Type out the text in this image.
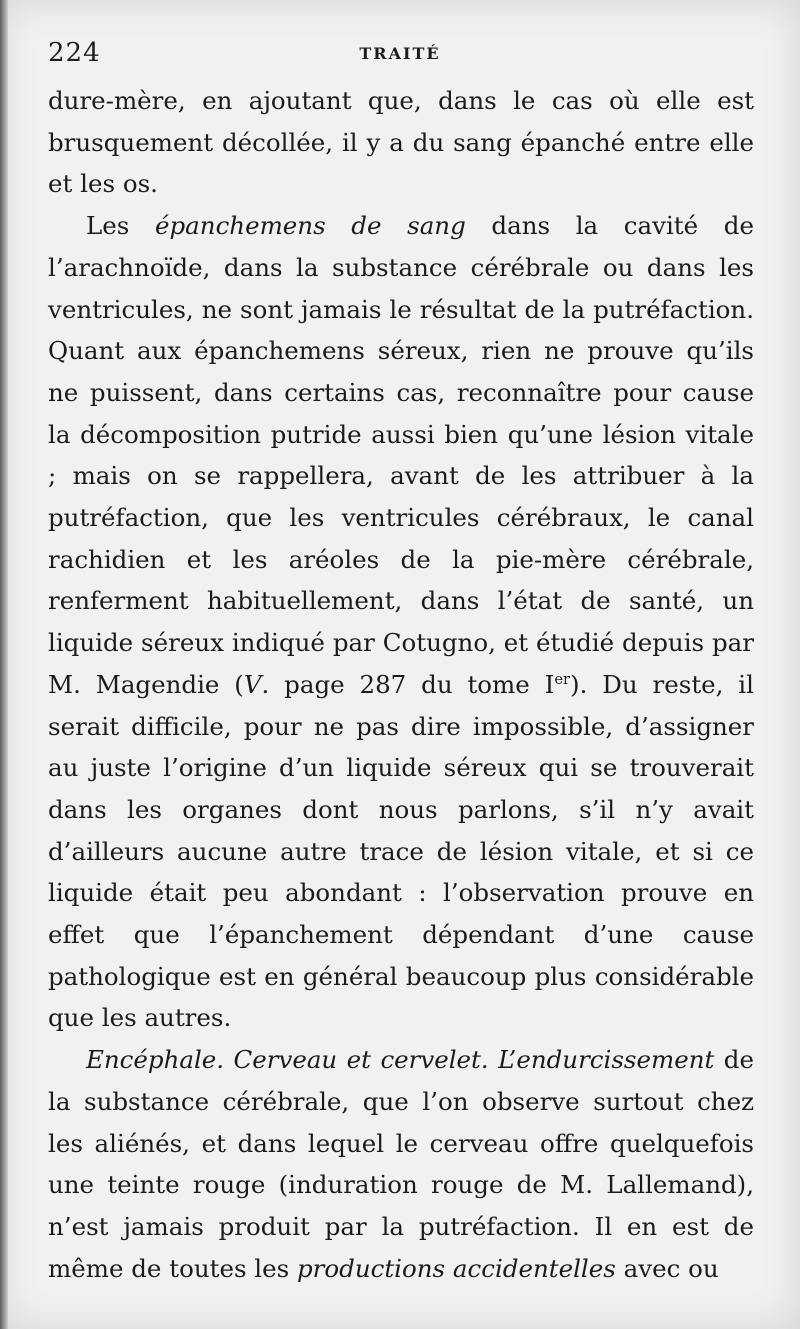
224	TRAITÉ

dure-mère, en ajoutant que, dans le cas où elle est brusquement décollée, il y a du sang épanché entre elle et les os.

Les épanchemens de sang dans la cavité de l’arachnoïde, dans la substance cérébrale ou dans les ventricules, ne sont jamais le résultat de la putréfaction. Quant aux épanchemens séreux, rien ne prouve qu’ils ne puissent, dans certains cas, reconnaître pour cause la décomposition putride aussi bien qu’une lésion vitale ; mais on se rappellera, avant de les attribuer à la putréfaction, que les ventricules cérébraux, le canal rachidien et les aréoles de la pie-mère cérébrale, renferment habituellement, dans l’état de santé, un liquide séreux indiqué par Cotugno, et étudié depuis par M. Magendie (V. page 287 du tome Ier). Du reste, il serait difficile, pour ne pas dire impossible, d’assigner au juste l’origine d’un liquide séreux qui se trouverait dans les organes dont nous parlons, s’il n’y avait d’ailleurs aucune autre trace de lésion vitale, et si ce liquide était peu abondant : l’observation prouve en effet que l’épanchement dépendant d’une cause pathologique est en général beaucoup plus considérable que les autres.

Encéphale. Cerveau et cervelet. L’endurcissement de la substance cérébrale, que l’on observe surtout chez les aliénés, et dans lequel le cerveau offre quelquefois une teinte rouge (induration rouge de M. Lallemand), n’est jamais produit par la putréfaction. Il en est de même de toutes les productions accidentelles avec ou
